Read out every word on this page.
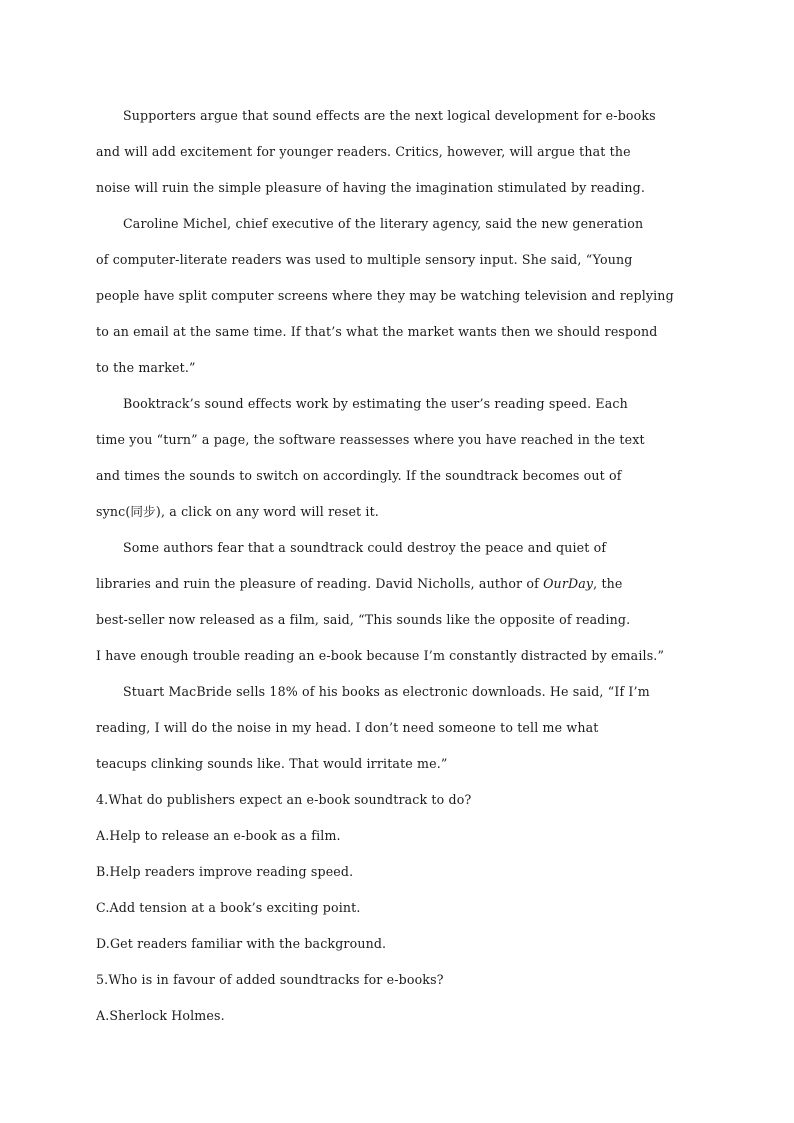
Supporters argue that sound effects are the next logical development for e-books
and will add excitement for younger readers. Critics, however, will argue that the
noise will ruin the simple pleasure of having the imagination stimulated by reading.
Caroline Michel, chief executive of the literary agency, said the new generation
of computer-literate readers was used to multiple sensory input. She said, “Young
people have split computer screens where they may be watching television and replying
to an email at the same time. If that’s what the market wants then we should respond
to the market.”
Booktrack’s sound effects work by estimating the user’s reading speed. Each
time you “turn” a page, the software reassesses where you have reached in the text
and times the sounds to switch on accordingly. If the soundtrack becomes out of
sync(同步), a click on any word will reset it.
Some authors fear that a soundtrack could destroy the peace and quiet of
libraries and ruin the pleasure of reading. David Nicholls, author of OurDay, the
best-seller now released as a film, said, “This sounds like the opposite of reading.
I have enough trouble reading an e-book because I’m constantly distracted by emails.”
Stuart MacBride sells 18% of his books as electronic downloads. He said, “If I’m
reading, I will do the noise in my head. I don’t need someone to tell me what
teacups clinking sounds like. That would irritate me.”
4.What do publishers expect an e-book soundtrack to do?
A.Help to release an e-book as a film.
B.Help readers improve reading speed.
C.Add tension at a book’s exciting point.
D.Get readers familiar with the background.
5.Who is in favour of added soundtracks for e-books?
A.Sherlock Holmes.
